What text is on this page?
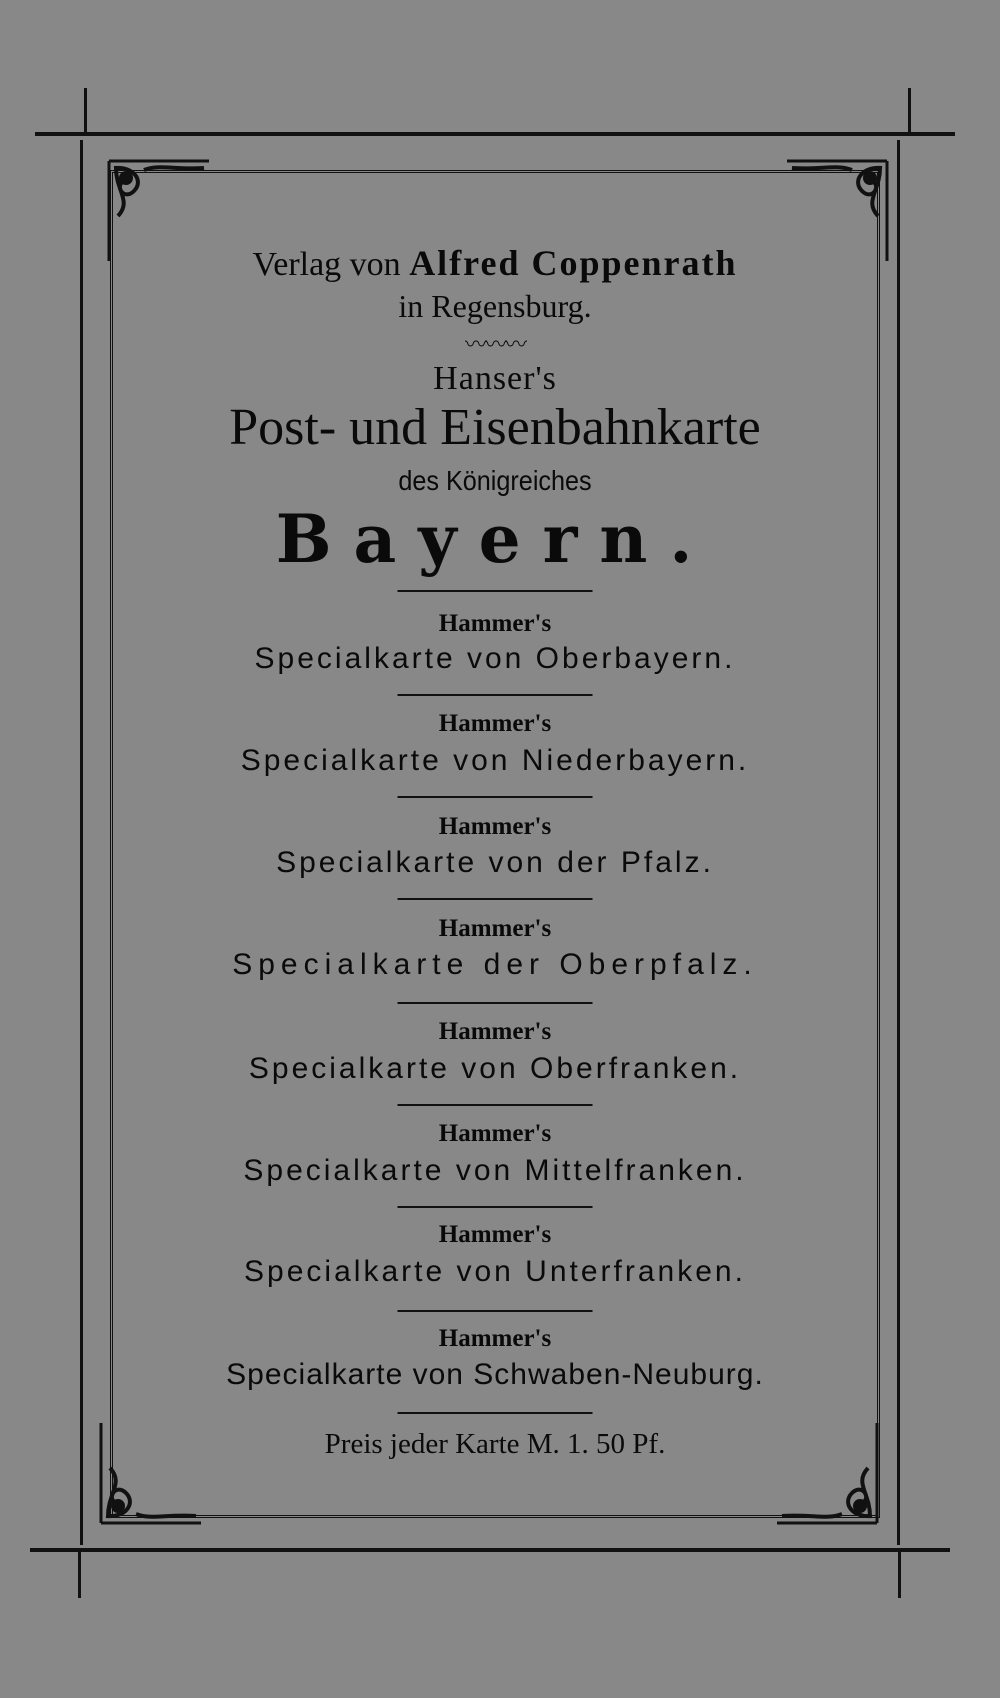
Verlag von Alfred Coppenrath
in Regensburg.
〰〰〰
Hanser's
Post- und Eisenbahnkarte
des Königreiches
Bayern.
Hammer's
Specialkarte von Oberbayern.
Hammer's
Specialkarte von Niederbayern.
Hammer's
Specialkarte von der Pfalz.
Hammer's
Specialkarte der Oberpfalz.
Hammer's
Specialkarte von Oberfranken.
Hammer's
Specialkarte von Mittelfranken.
Hammer's
Specialkarte von Unterfranken.
Hammer's
Specialkarte von Schwaben-Neuburg.
Preis jeder Karte M. 1. 50 Pf.
